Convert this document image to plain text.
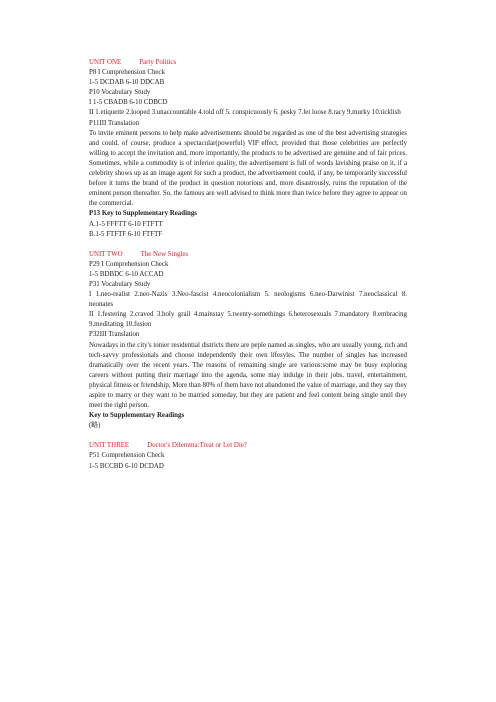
UNIT ONE	Party Politics
P8 I Comprehension Check
1-5 DCDAB 6-10 DDCAB
P10 Vocabulary Study
I 1-5 CBADB 6-10 CDBCD
II 1.etiquette 2.looped 3.unaccountable 4.told off 5. conspicuously 6. pesky 7.let loose 8.racy 9.murky 10.ticklish
P11III Translation
To invite eminent persons to help make advertisements should be regarded as one of the best advertising strategies and could, of course, produce a spectacular(powerful) VIP effect, provided that those celebrities are perfectly willing to accept the invitation and, more importantly, the products to be advertised are genuine and of fair prices. Sometimes, while a commodity is of inferior quality, the advertisement is full of words lavishing praise on it, if a celebrity shows up as an image agent for such a product, the advertisement could, if any, be temporarily successful before it turns the brand of the product in question notorious and, more disastrously, ruins the reputation of the eminent person thereafter. So, the famous are well advised to think more than twice before they agree to appear on the commercial.
P13 Key to Supplementary Readings
A.1-5 FFFTT 6-10 FTFTT
B.1-5 FTFTF 6-10 FTFTF
UNIT TWO	The New Singles
P29 I Comprehension Check
1-5 BDBDC 6-10 ACCAD
P31 Vocabulary Study
I 1.neo-realist 2.neo-Nazis 3.Neo-fascist 4.neocolonialism 5. neologisms 6.neo-Darwinist 7.neoclassical 8. neonates
II 1.festering 2.craved 3.holy grail 4.mainstay 5.twenty-somethings 6.heterosexuals 7.mandatory 8.embracing 9.meditating 10.fusion
P32III Translation
Nowadays in the city's tonier residential districts there are peple named as singles, who are usually young, rich and tech-savvy professionals and choose independently their own lifesyles. The number of singles has increased dramatically over the recent years. The reasons of remaining single are various:some may be busy exploring careers without putting their marriage into the agenda, some may indulge in their jobs, travel, entertainment, physical fitness or friendship, More than 80% of them have not abandoned the value of marriage, and they say they aspire to marry or they want to be married someday, but they are patient and feel content being single until they meet the right person.
Key to Supplementary Readings
(略)
UNIT THREE	Doctor's Dilemma:Treat or Let Die?
P51 Comprehension Check
1-5 BCCBD 6-10 DCDAD
